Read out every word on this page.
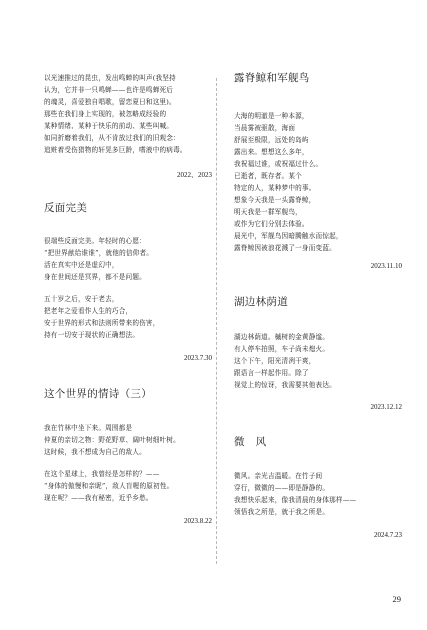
以光速推过的昆虫，发出鸣蝉的叫声(我坚持
认为，它并非一只鸣蝉——也许是鸣蝉死后
的魂灵，喜爱独自唱歌，留恋夏日和这里)。
那些在我们身上实现的，被忽略成经验的
某种情绪、某种于快乐的前动、某些叫喊。
如同折磨着我们，从不肯放过我们的旧观念：
追赃着受伤猎物的轩晃多巨龄，嗜液中的病毒。
2022、2023
反面完美
很端些反面完美。年轻时的心愿：
“把世界献给谁谁”，就他的信仰者。
活在真实中还是虚幻中，
身在世间还是冥界，都不是问题。
五十岁之后，安于老去，
把老年之爱看作人生的巧合，
安于世界的形式和法则所带来的伤害，
持有一切安于现状的正确想法。
2023.7.30
这个世界的情诗（三）
我在竹林中坐下来。周围都是
仲夏的亲切之物：野花野草、阔叶树细叶树。
这时候，我不想成为自己的敌人。
在这个星球上，我曾经是怎样的？——
“身体的傲慢和亲昵”，敌人盲喔的原初性。
现在呢？——我有秘密，近乎乡愁。
2023.8.22
露脊鲸和军舰鸟
大海的明澈是一种本源，
当晨雾被驱散，海面
舒展至极限，远处的岛屿
露出来。想想这么多年，
我祝福过谁，或祝福过什么。
已逝者，既存者。某个
特定的人，某种梦中的事。
想象今天我是一头露脊鲸，
明天我是一群军舰鸟，
或作为它们分别去体验。
晨光中，军舰鸟因暗腾触水而惊起，
露脊鲸因被浪花溅了一身而变蓝。
2023.11.10
湖边林荫道
湖边林荫道。槭树的金黄静谧。
有人停车拍照，车子尚未熄火。
这个下午，阳光清冽干爽，
跟语言一样起作用。除了
视觉上的惊讶，我需要其他表达。
2023.12.12
微　风
微风。亲光吉温暖。在竹子间
穿行，微微的——即是静静的。
我想快乐起来，像我清晨的身体那样——
领悟我之所是，就于我之所是。
2024.7.23
29
